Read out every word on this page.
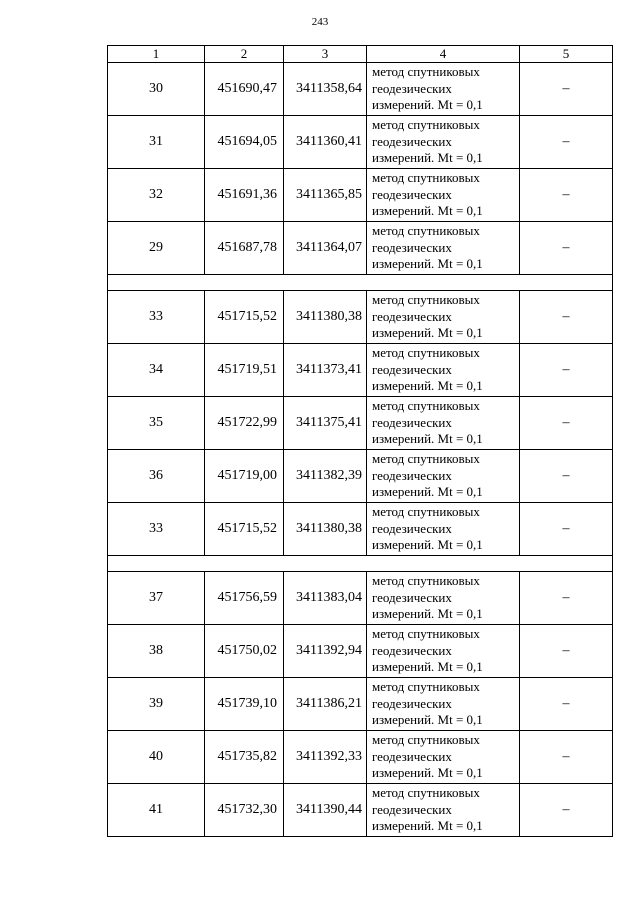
243
1	2	3	4	5
30	451690,47	3411358,64	метод спутниковых
геодезических
измерений. Mt = 0,1	–
31	451694,05	3411360,41	метод спутниковых
геодезических
измерений. Mt = 0,1	–
32	451691,36	3411365,85	метод спутниковых
геодезических
измерений. Mt = 0,1	–
29	451687,78	3411364,07	метод спутниковых
геодезических
измерений. Mt = 0,1	–

33	451715,52	3411380,38	метод спутниковых
геодезических
измерений. Mt = 0,1	–
34	451719,51	3411373,41	метод спутниковых
геодезических
измерений. Mt = 0,1	–
35	451722,99	3411375,41	метод спутниковых
геодезических
измерений. Mt = 0,1	–
36	451719,00	3411382,39	метод спутниковых
геодезических
измерений. Mt = 0,1	–
33	451715,52	3411380,38	метод спутниковых
геодезических
измерений. Mt = 0,1	–

37	451756,59	3411383,04	метод спутниковых
геодезических
измерений. Mt = 0,1	–
38	451750,02	3411392,94	метод спутниковых
геодезических
измерений. Mt = 0,1	–
39	451739,10	3411386,21	метод спутниковых
геодезических
измерений. Mt = 0,1	–
40	451735,82	3411392,33	метод спутниковых
геодезических
измерений. Mt = 0,1	–
41	451732,30	3411390,44	метод спутниковых
геодезических
измерений. Mt = 0,1	–
